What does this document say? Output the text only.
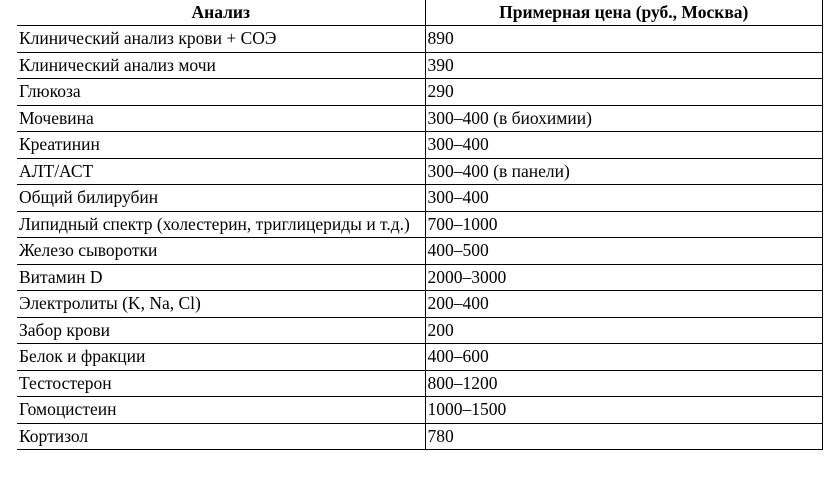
Анализ	Примерная цена (руб., Москва)
Клинический анализ крови + СОЭ	890
Клинический анализ мочи	390
Глюкоза	290
Мочевина	300–400 (в биохимии)
Креатинин	300–400
АЛТ/АСТ	300–400 (в панели)
Общий билирубин	300–400
Липидный спектр (холестерин, триглицериды и т.д.)	700–1000
Железо сыворотки	400–500
Витамин D	2000–3000
Электролиты (K, Na, Cl)	200–400
Забор крови	200
Белок и фракции	400–600
Тестостерон	800–1200
Гомоцистеин	1000–1500
Кортизол	780
